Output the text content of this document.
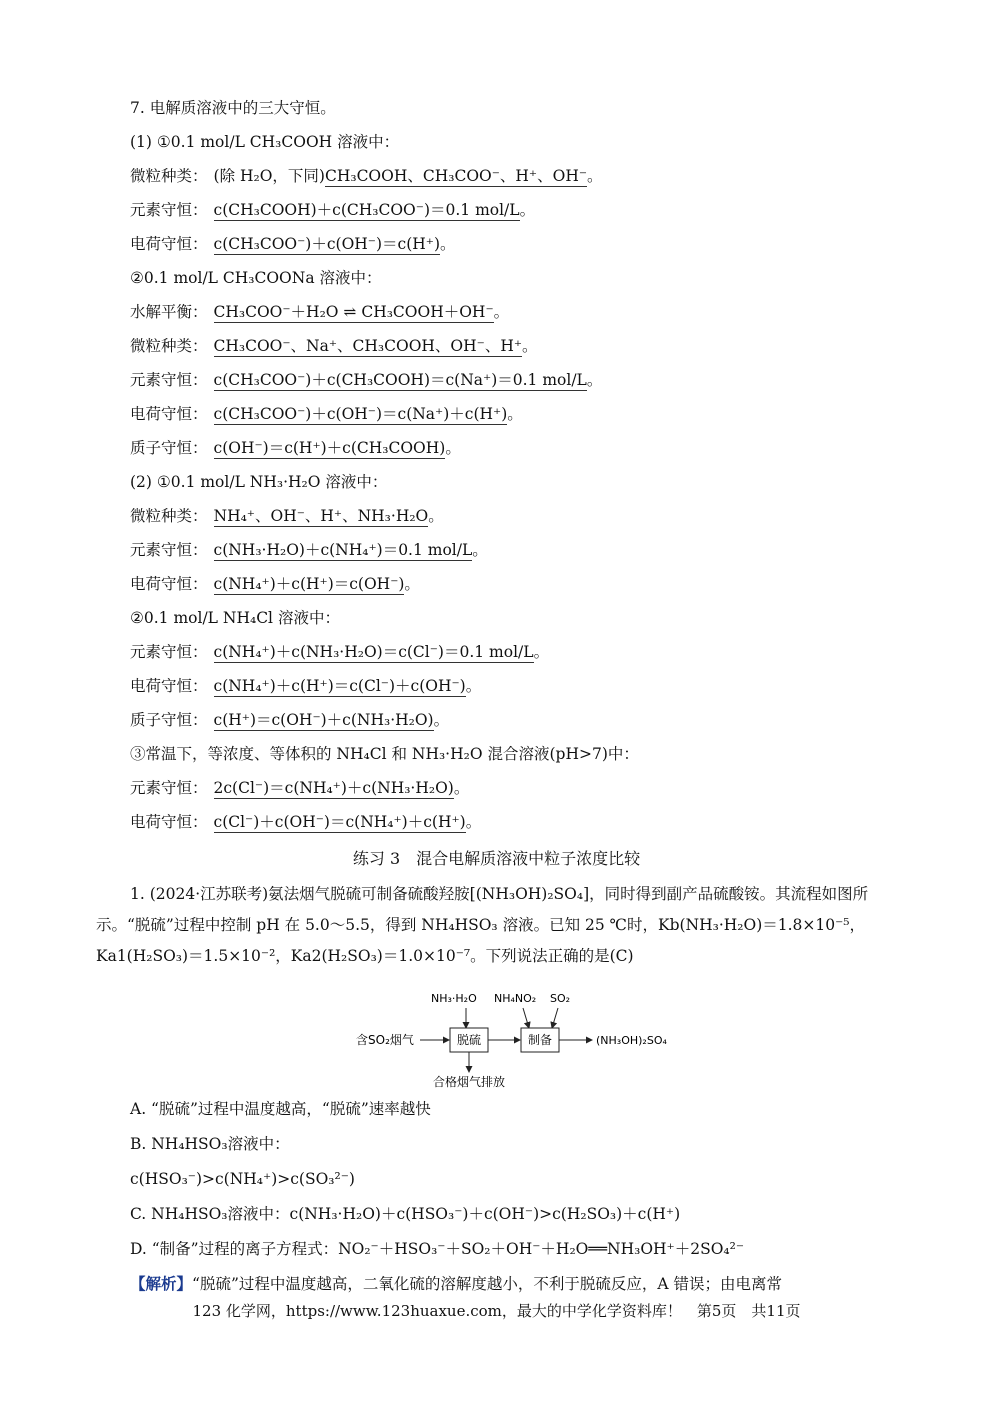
7. 电解质溶液中的三大守恒。
(1) ①0.1 mol/L CH₃COOH 溶液中：
微粒种类： (除 H₂O，下同)CH₃COOH、CH₃COO⁻、H⁺、OH⁻。
元素守恒： c(CH₃COOH)＋c(CH₃COO⁻)＝0.1 mol/L。
电荷守恒： c(CH₃COO⁻)＋c(OH⁻)＝c(H⁺)。
②0.1 mol/L CH₃COONa 溶液中：
水解平衡： CH₃COO⁻＋H₂O ⇌ CH₃COOH＋OH⁻。
微粒种类： CH₃COO⁻、Na⁺、CH₃COOH、OH⁻、H⁺。
元素守恒： c(CH₃COO⁻)＋c(CH₃COOH)＝c(Na⁺)＝0.1 mol/L。
电荷守恒： c(CH₃COO⁻)＋c(OH⁻)＝c(Na⁺)＋c(H⁺)。
质子守恒： c(OH⁻)＝c(H⁺)＋c(CH₃COOH)。
(2) ①0.1 mol/L NH₃·H₂O 溶液中：
微粒种类： NH₄⁺、OH⁻、H⁺、NH₃·H₂O。
元素守恒： c(NH₃·H₂O)＋c(NH₄⁺)＝0.1 mol/L。
电荷守恒： c(NH₄⁺)＋c(H⁺)＝c(OH⁻)。
②0.1 mol/L NH₄Cl 溶液中：
元素守恒： c(NH₄⁺)＋c(NH₃·H₂O)＝c(Cl⁻)＝0.1 mol/L。
电荷守恒： c(NH₄⁺)＋c(H⁺)＝c(Cl⁻)＋c(OH⁻)。
质子守恒： c(H⁺)＝c(OH⁻)＋c(NH₃·H₂O)。
③常温下，等浓度、等体积的 NH₄Cl 和 NH₃·H₂O 混合溶液(pH>7)中：
元素守恒： 2c(Cl⁻)＝c(NH₄⁺)＋c(NH₃·H₂O)。
电荷守恒： c(Cl⁻)＋c(OH⁻)＝c(NH₄⁺)＋c(H⁺)。
练习 3　混合电解质溶液中粒子浓度比较
1. (2024·江苏联考)氨法烟气脱硫可制备硫酸羟胺[(NH₃OH)₂SO₄]，同时得到副产品硫酸铵。其流程如图所示。“脱硫”过程中控制 pH 在 5.0～5.5，得到 NH₄HSO₃ 溶液。已知 25 ℃时，Kb(NH₃·H₂O)＝1.8×10⁻⁵，Ka1(H₂SO₃)＝1.5×10⁻²，Ka2(H₂SO₃)＝1.0×10⁻⁷。下列说法正确的是(C)
NH₃·H₂O NH₄NO₂ SO₂
含SO₂烟气	脱硫	制备	(NH₃OH)₂SO₄
合格烟气排放
A. “脱硫”过程中温度越高，“脱硫”速率越快
B. NH₄HSO₃溶液中：
c(HSO₃⁻)>c(NH₄⁺)>c(SO₃²⁻)
C. NH₄HSO₃溶液中：c(NH₃·H₂O)＋c(HSO₃⁻)＋c(OH⁻)>c(H₂SO₃)＋c(H⁺)
D. “制备”过程的离子方程式：NO₂⁻＋HSO₃⁻＋SO₂＋OH⁻＋H₂O══NH₃OH⁺＋2SO₄²⁻
【解析】“脱硫”过程中温度越高，二氧化硫的溶解度越小，不利于脱硫反应，A 错误；由电离常
123 化学网，https://www.123huaxue.com，最大的中学化学资料库！　第5页　共11页
